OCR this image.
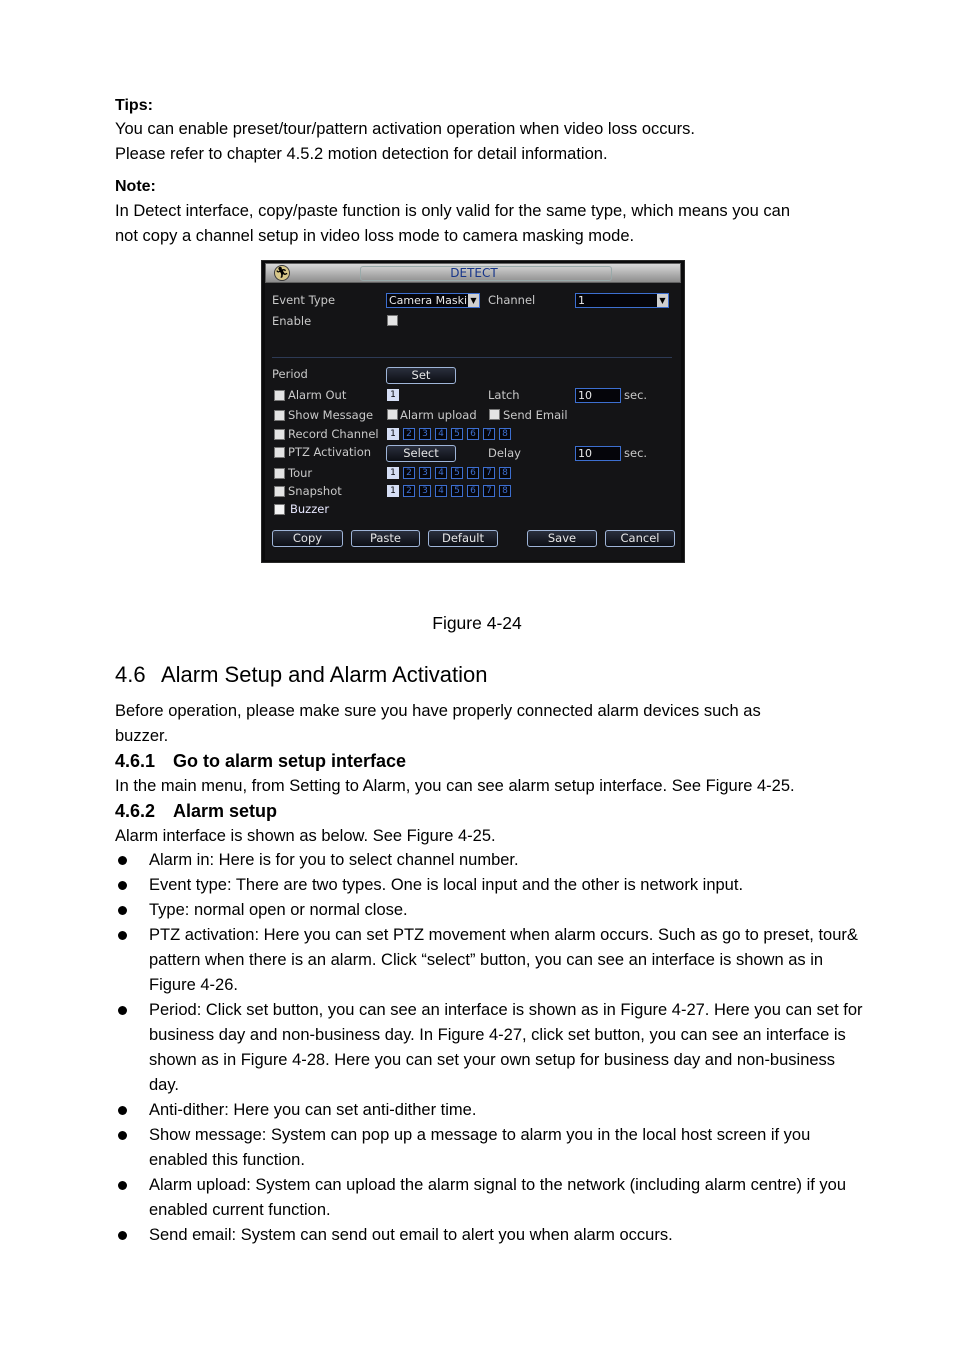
Tips:
You can enable preset/tour/pattern activation operation when video loss occurs.
Please refer to chapter 4.5.2 motion detection for detail information.
Note:
In Detect interface, copy/paste function is only valid for the same type, which means you can
not copy a channel setup in video loss mode to camera masking mode.
🏃︎	DETECT
Event Type	Camera Maski ▼ Channel	1	▼
Enable
Period	Set
Alarm Out	1	Latch	10	sec.
Show Message Alarm upload Send Email
Record Channel	1	2	3	4	5	6	7	8
PTZ Activation	Select	Delay	10	sec.
Tour	1	2	3	4	5	6	7	8
Snapshot	1	2	3	4	5	6	7	8
Buzzer
Copy	Paste	Default	Save	Cancel
Figure 4-24
4.6 Alarm Setup and Alarm Activation
Before operation, please make sure you have properly connected alarm devices such as
buzzer.
4.6.1 Go to alarm setup interface
In the main menu, from Setting to Alarm, you can see alarm setup interface. See Figure 4-25.
4.6.2 Alarm setup
Alarm interface is shown as below. See Figure 4-25.
Alarm in: Here is for you to select channel number.
Event type: There are two types. One is local input and the other is network input.
Type: normal open or normal close.
PTZ activation: Here you can set PTZ movement when alarm occurs. Such as go to preset, tour& pattern when there is an alarm. Click “select” button, you can see an interface is shown as in Figure 4-26.
Period: Click set button, you can see an interface is shown as in Figure 4-27. Here you can set for business day and non-business day. In Figure 4-27, click set button, you can see an interface is shown as in Figure 4-28. Here you can set your own setup for business day and non-business day.
Anti-dither: Here you can set anti-dither time.
Show message: System can pop up a message to alarm you in the local host screen if you enabled this function.
Alarm upload: System can upload the alarm signal to the network (including alarm centre) if you enabled current function.
Send email: System can send out email to alert you when alarm occurs.
